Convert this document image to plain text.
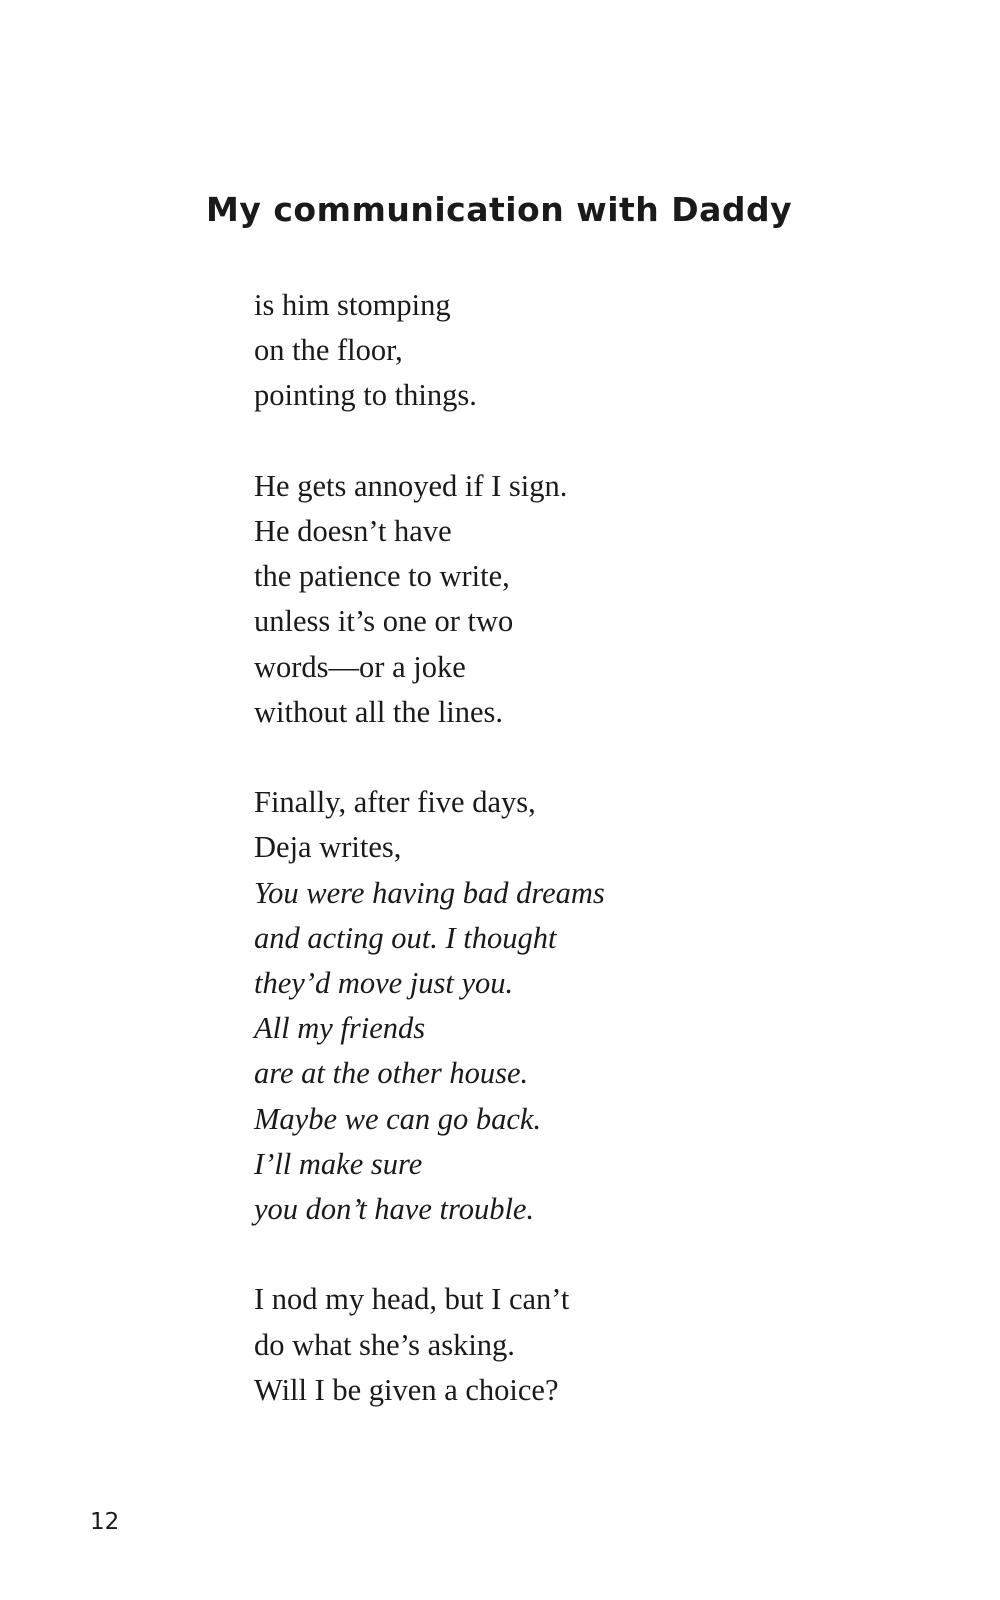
My communication with Daddy

is him stomping
on the floor,
pointing to things.

He gets annoyed if I sign.
He doesn’t have
the patience to write,
unless it’s one or two
words—or a joke
without all the lines.

Finally, after five days,
Deja writes,
You were having bad dreams
and acting out. I thought
they’d move just you.
All my friends
are at the other house.
Maybe we can go back.
I’ll make sure
you don’t have trouble.

I nod my head, but I can’t
do what she’s asking.
Will I be given a choice?

12
